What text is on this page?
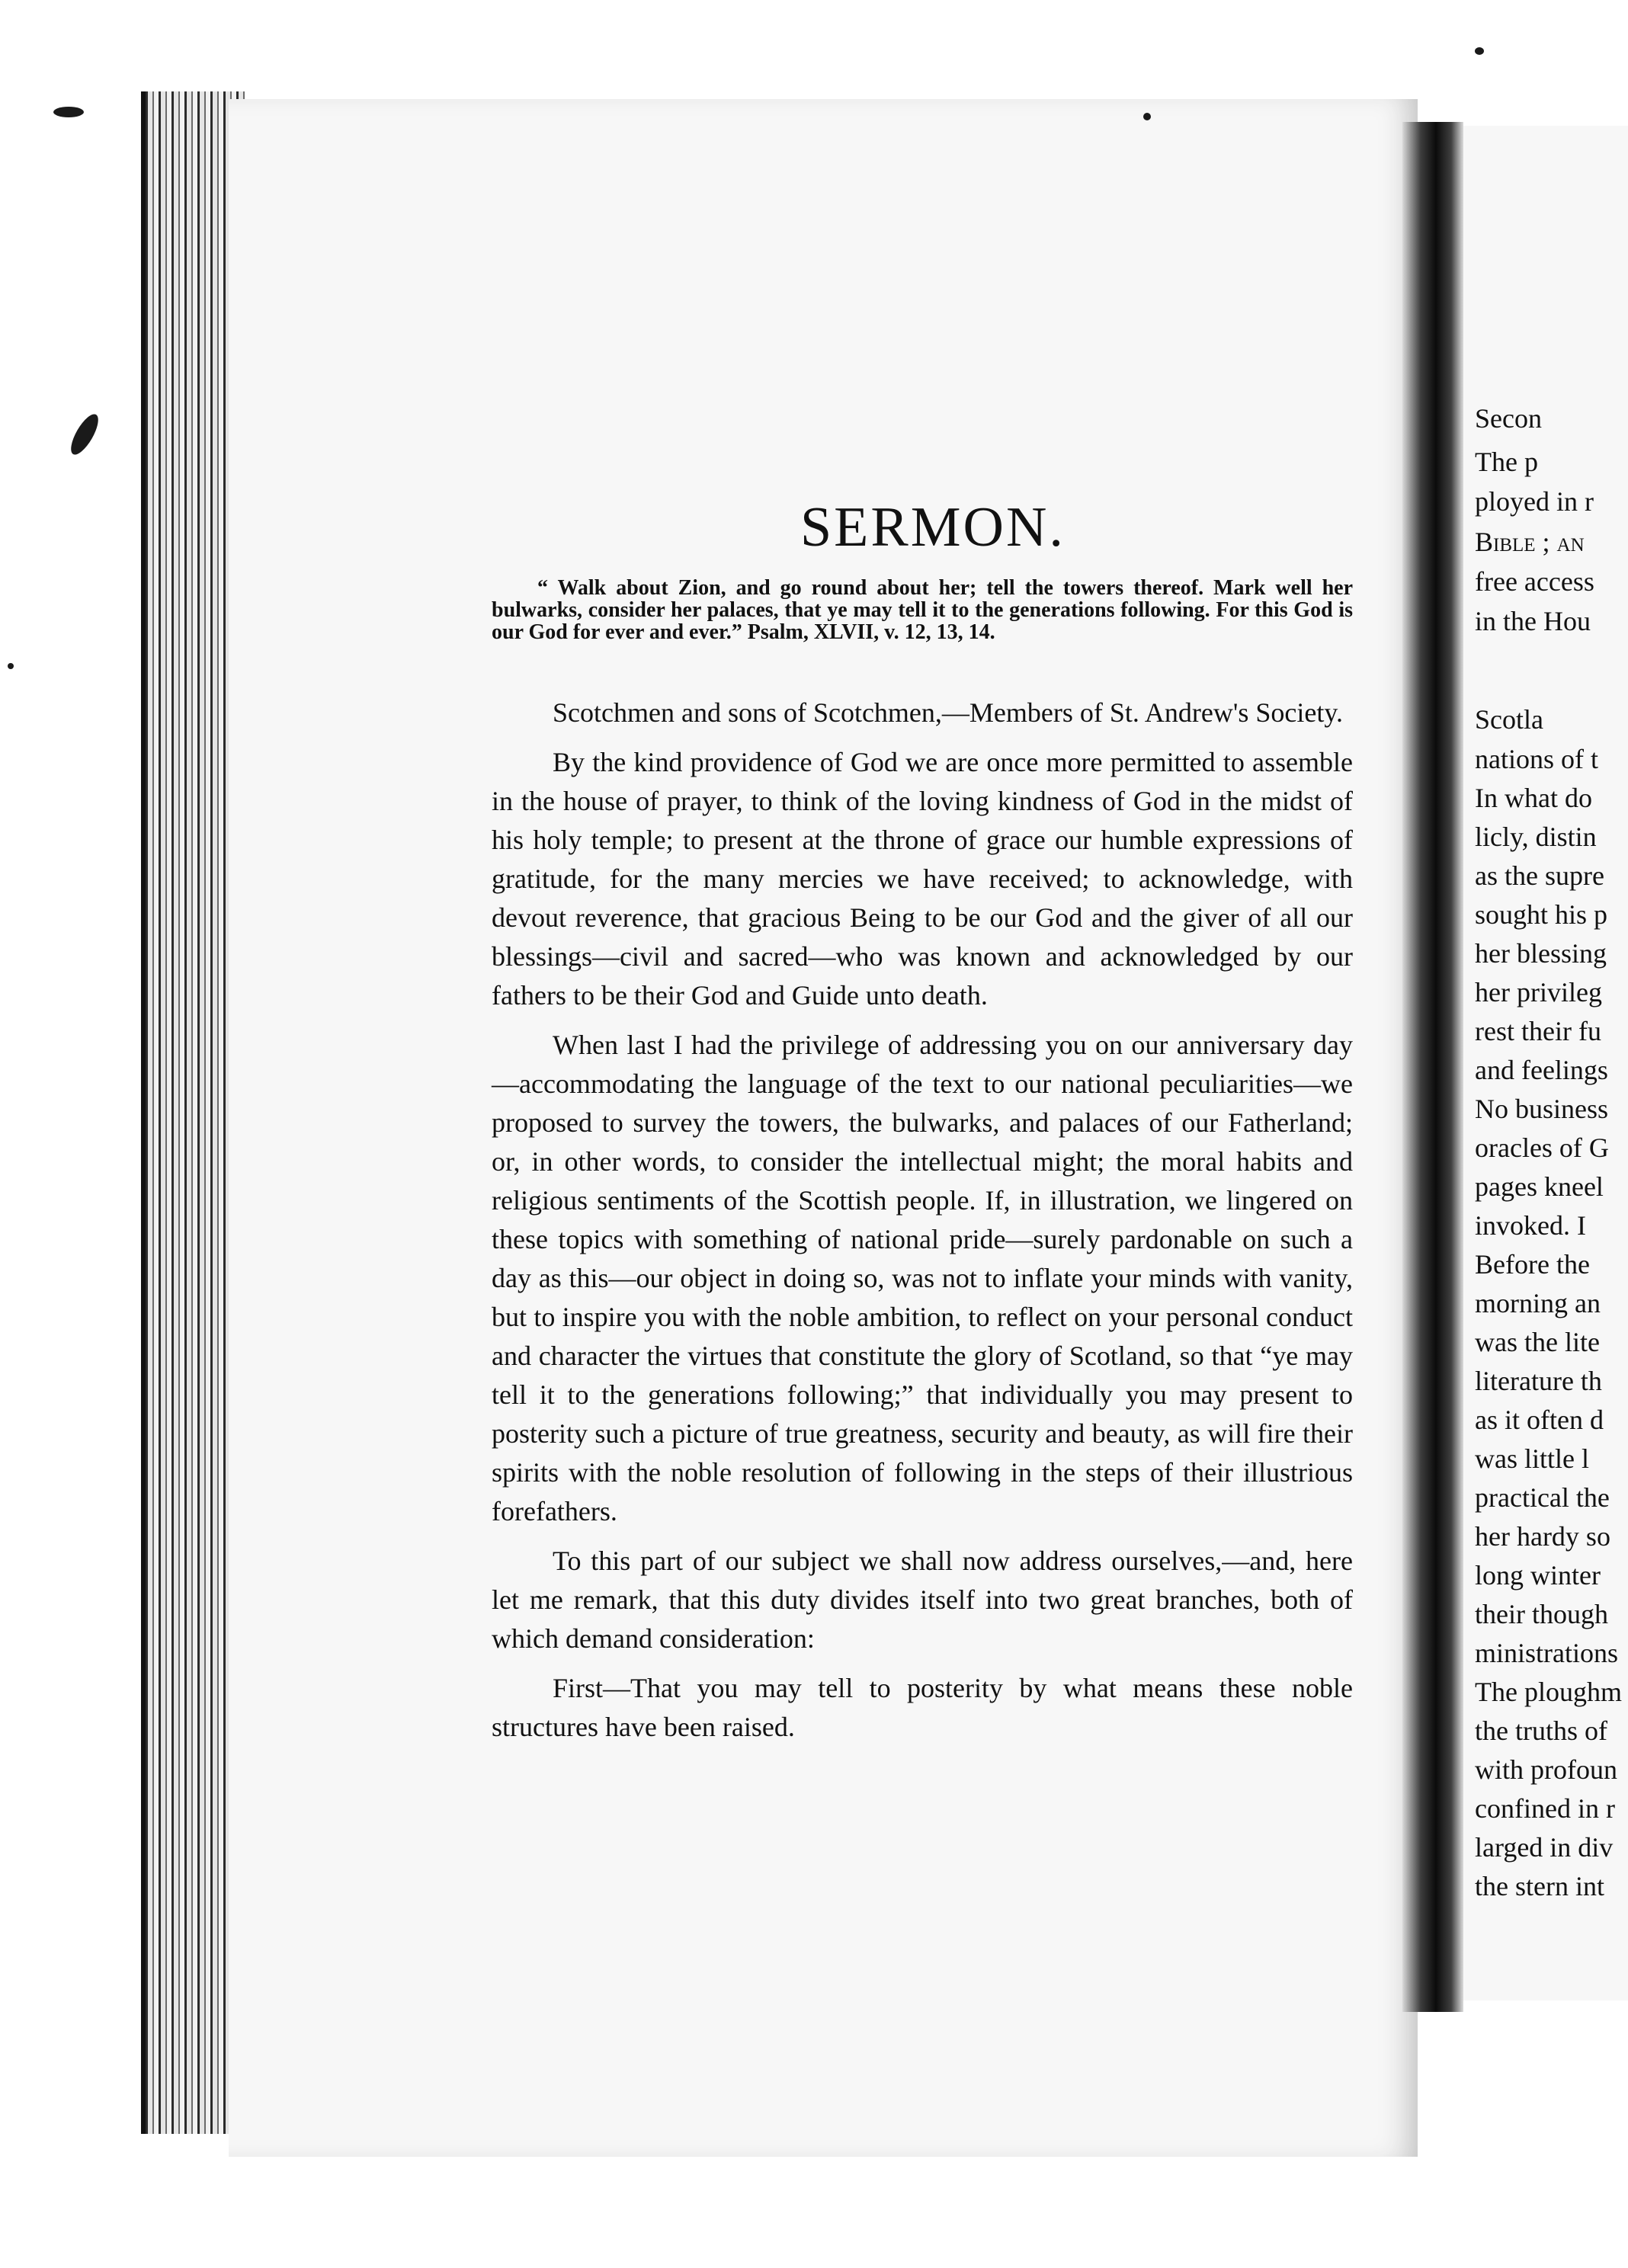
SERMON.

“ Walk about Zion, and go round about her; tell the towers thereof. Mark well her bulwarks, consider her palaces, that ye may tell it to the generations following. For this God is our God for ever and ever.” Psalm, XLVII, v. 12, 13, 14.

Scotchmen and sons of Scotchmen,—Members of St. Andrew's Society.

By the kind providence of God we are once more permitted to assemble in the house of prayer, to think of the loving kindness of God in the midst of his holy temple; to present at the throne of grace our humble expressions of gratitude, for the many mercies we have received; to acknowledge, with devout reverence, that gracious Being to be our God and the giver of all our blessings—civil and sacred—who was known and acknowledged by our fathers to be their God and Guide unto death.

When last I had the privilege of addressing you on our anniversary day—accommodating the language of the text to our national peculiarities—we proposed to survey the towers, the bulwarks, and palaces of our Fatherland; or, in other words, to consider the intellectual might; the moral habits and religious sentiments of the Scottish people. If, in illustration, we lingered on these topics with something of national pride—surely pardonable on such a day as this—our object in doing so, was not to inflate your minds with vanity, but to inspire you with the noble ambition, to reflect on your personal conduct and character the virtues that constitute the glory of Scotland, so that “ye may tell it to the generations following;” that individually you may present to posterity such a picture of true greatness, security and beauty, as will fire their spirits with the noble resolution of following in the steps of their illustrious forefathers.

To this part of our subject we shall now address ourselves,—and, here let me remark, that this duty divides itself into two great branches, both of which demand consideration:

First—That you may tell to posterity by what means these noble structures have been raised.

Secon
The p
ployed in r
Bible ; an
free access
in the Hou
Scotla
nations of t
In what do
licly, distin
as the supre
sought his p
her blessing
her privileg
rest their fu
and feelings
No business
oracles of G
pages kneel
invoked. I
Before the
morning an
was the lite
literature th
as it often d
was little l
practical the
her hardy so
long winter
their though
ministrations
The ploughm
the truths of
with profoun
confined in r
larged in div
the stern int
